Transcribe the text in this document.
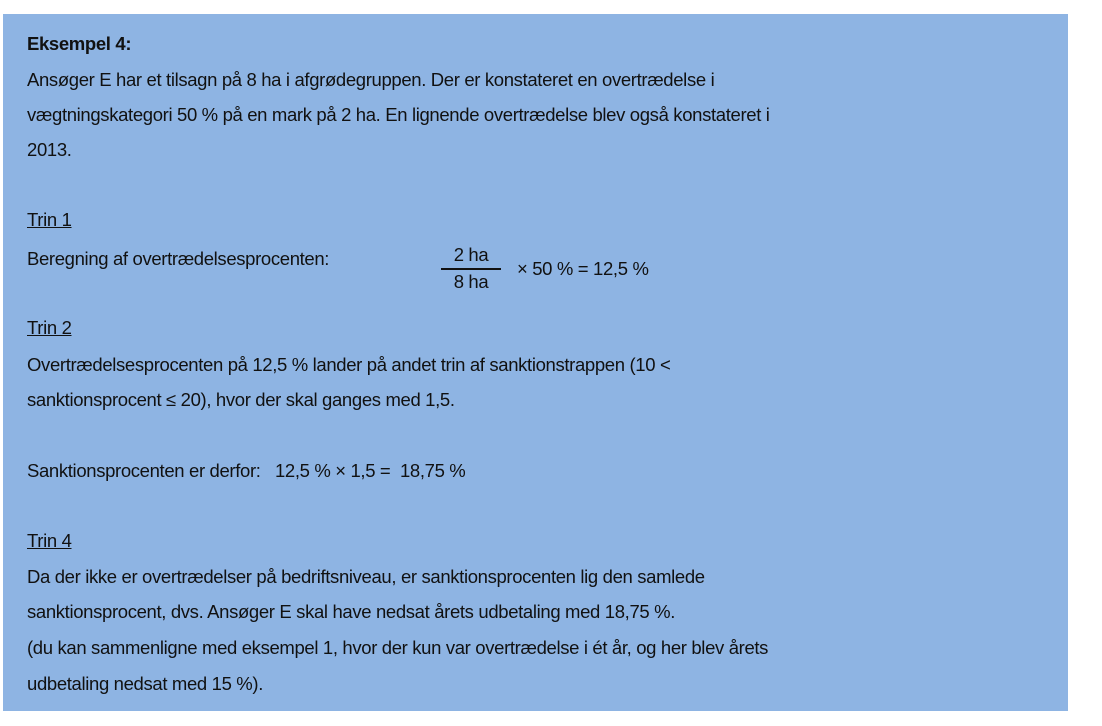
Eksempel 4:
Ansøger E har et tilsagn på 8 ha i afgrødegruppen. Der er konstateret en overtrædelse i
vægtningskategori 50 % på en mark på 2 ha. En lignende overtrædelse blev også konstateret i
2013.
Trin 1
Beregning af overtrædelsesprocenten:	$\frac{2 ha}{8 ha} \times 50$ % = 12,5 %
Trin 2
Overtrædelsesprocenten på 12,5 % lander på andet trin af sanktionstrappen (10 <
sanktionsprocent ≤ 20), hvor der skal ganges med 1,5.
Sanktionsprocenten er derfor:   12,5 % × 1,5 =  18,75 %
Trin 4
Da der ikke er overtrædelser på bedriftsniveau, er sanktionsprocenten lig den samlede
sanktionsprocent, dvs. Ansøger E skal have nedsat årets udbetaling med 18,75 %.
(du kan sammenligne med eksempel 1, hvor der kun var overtrædelse i ét år, og her blev årets
udbetaling nedsat med 15 %).
